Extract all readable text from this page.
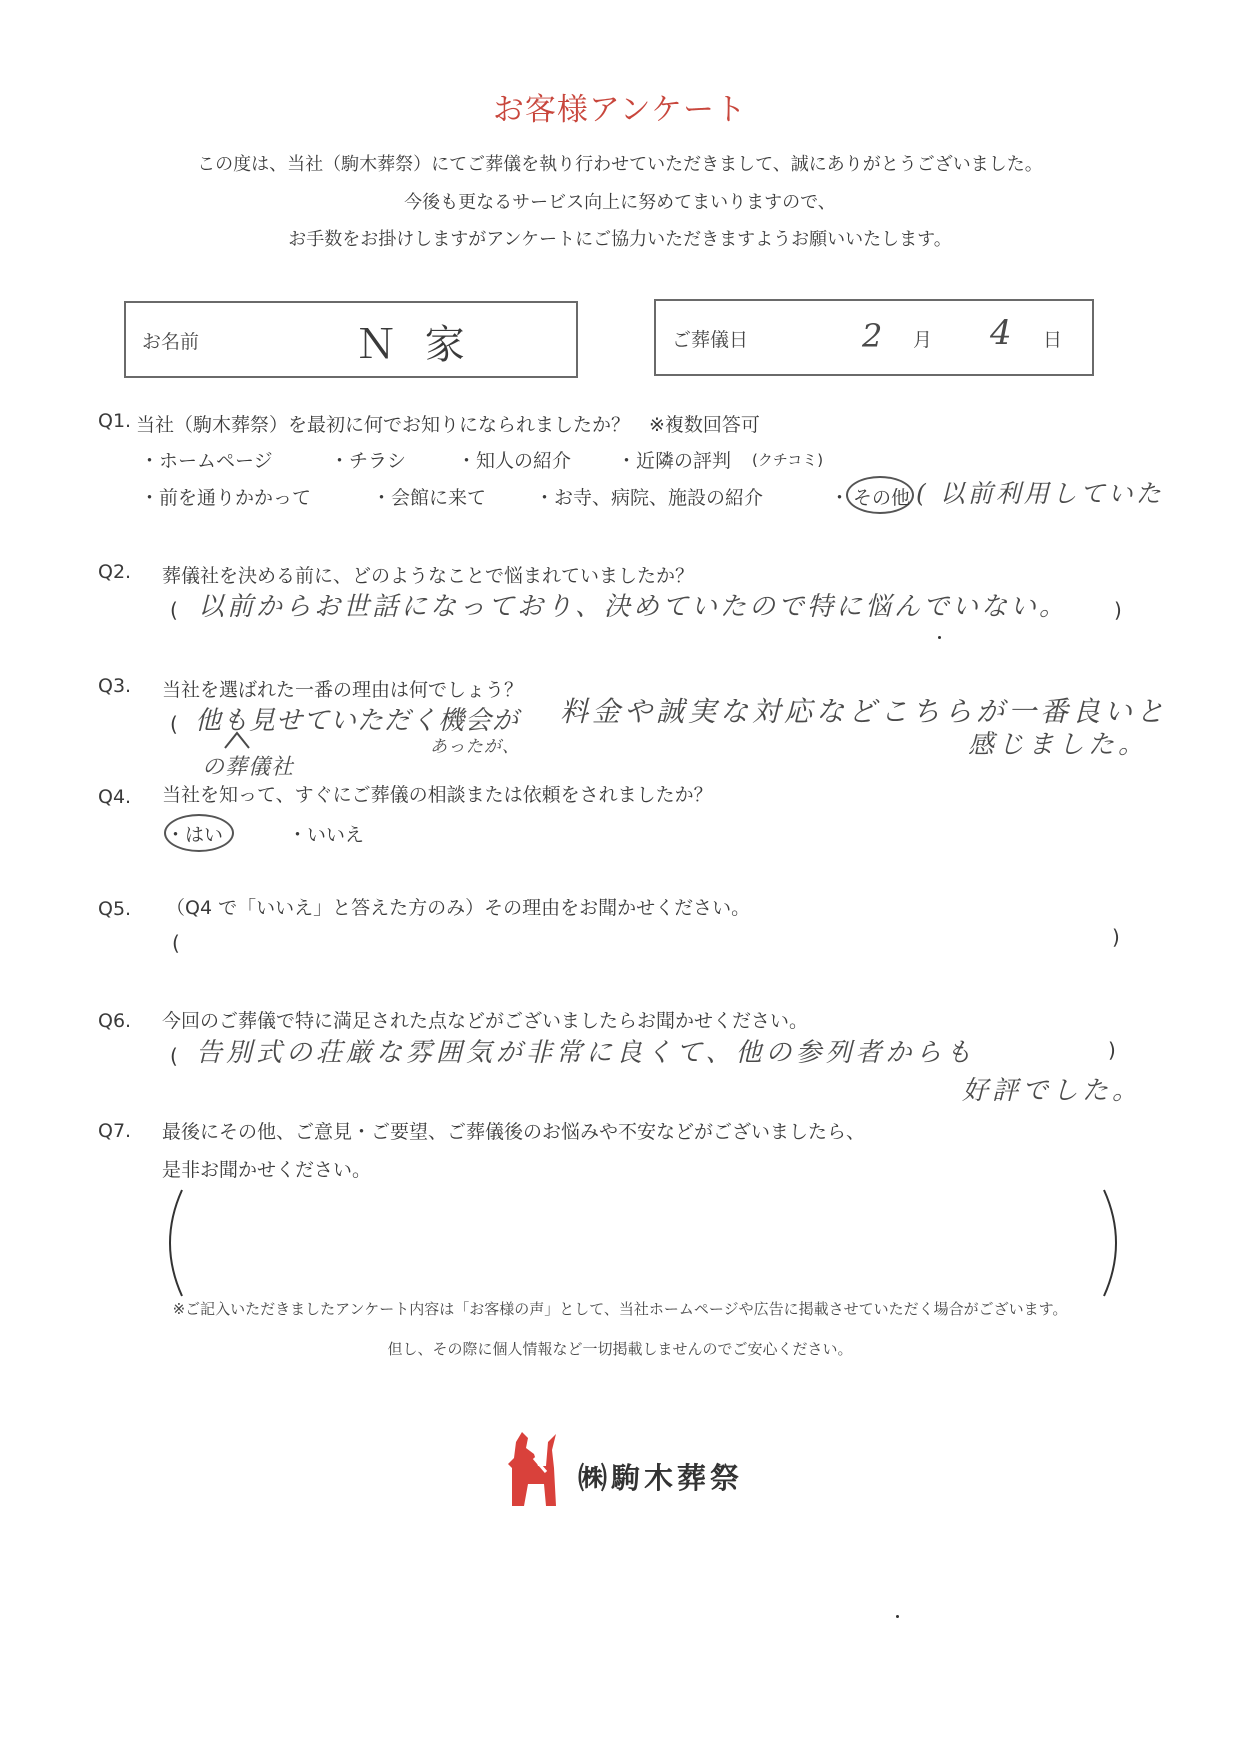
お客様アンケート
この度は、当社（駒木葬祭）にてご葬儀を執り行わせていただきまして、誠にありがとうございました。
今後も更なるサービス向上に努めてまいりますので、
お手数をお掛けしますがアンケートにご協力いただきますようお願いいたします。
お名前	Ｎ 家	ご葬儀日	2 月 4 日
Q1. 当社（駒木葬祭）を最初に何でお知りになられましたか？　※複数回答可
・ホームページ	・チラシ	・知人の紹介 ・近隣の評判 (クチコミ)
・前を通りかかって	・会館に来て	・お寺、病院、施設の紹介	・ その他 ( 以前利用していた
Q2. 葬儀社を決める前に、どのようなことで悩まれていましたか？
( 以前からお世話になっており、決めていたので特に悩んでいない。 )
Q3. 当社を選ばれた一番の理由は何でしょう？
( 他も見せていただく機会が
あったが、
の葬儀社
料金や誠実な対応などこちらが一番良いと
感じました。
Q4. 当社を知って、すぐにご葬儀の相談または依頼をされましたか？
・はい	・いいえ
Q5. （Q4 で「いいえ」と答えた方のみ）その理由をお聞かせください。
(	)
Q6. 今回のご葬儀で特に満足された点などがございましたらお聞かせください。
( 告別式の荘厳な雰囲気が非常に良くて、他の参列者からも	)
好評でした。
Q7. 最後にその他、ご意見・ご要望、ご葬儀後のお悩みや不安などがございましたら、
是非お聞かせください。
※ご記入いただきましたアンケート内容は「お客様の声」として、当社ホームページや広告に掲載させていただく場合がございます。
但し、その際に個人情報など一切掲載しませんのでご安心ください。
㈱駒木葬祭
